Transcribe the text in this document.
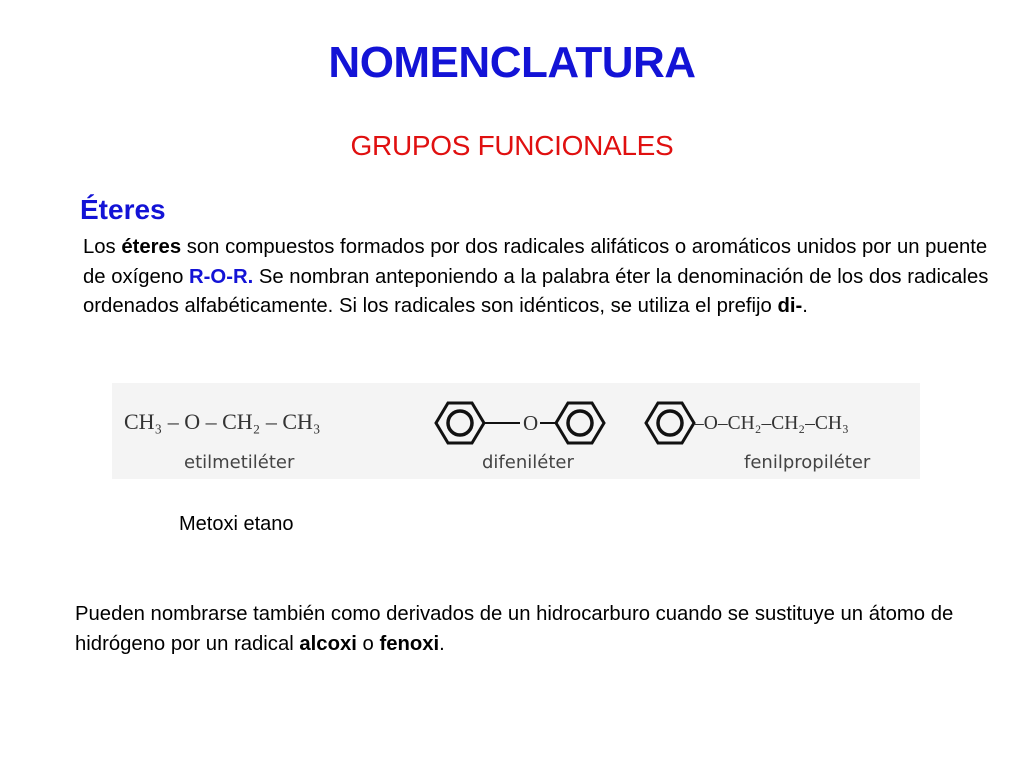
NOMENCLATURA
GRUPOS FUNCIONALES
Éteres
Los éteres son compuestos formados por dos radicales alifáticos o aromáticos unidos por un puente de oxígeno R-O-R. Se nombran anteponiendo a la palabra éter la denominación de los dos radicales ordenados alfabéticamente. Si los radicales son idénticos, se utiliza el prefijo di-.
CH₃ – O – CH₂ – CH₃
etilmetiléter
O
difeniléter
–O–CH₂–CH₂–CH₃
fenilpropiléter
Metoxi etano
Pueden nombrarse también como derivados de un hidrocarburo cuando se sustituye un átomo de hidrógeno por un radical alcoxi o fenoxi.
